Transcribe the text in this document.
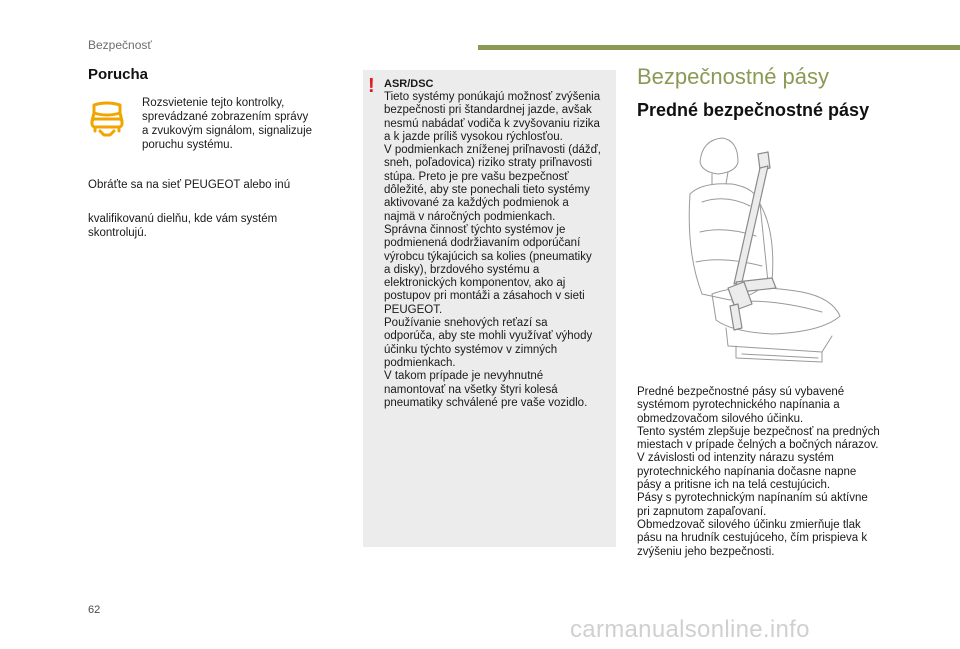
Bezpečnosť
Porucha
Rozsvietenie tejto kontrolky,
sprevádzané zobrazením správy
a zvukovým signálom, signalizuje
poruchu systému.

Obráťte sa na sieť PEUGEOT alebo inú

kvalifikovanú dielňu, kde vám systém
skontrolujú.

! ASR/DSC
Tieto systémy ponúkajú možnosť zvýšenia
bezpečnosti pri štandardnej jazde, avšak
nesmú nabádať vodiča k zvyšovaniu rizika
a k jazde príliš vysokou rýchlosťou.
V podmienkach zníženej priľnavosti (dážď,
sneh, poľadovica) riziko straty priľnavosti
stúpa. Preto je pre vašu bezpečnosť
dôležité, aby ste ponechali tieto systémy
aktivované za každých podmienok a
najmä v náročných podmienkach.
Správna činnosť týchto systémov je
podmienená dodržiavaním odporúčaní
výrobcu týkajúcich sa kolies (pneumatiky
a disky), brzdového systému a
elektronických komponentov, ako aj
postupov pri montáži a zásahoch v sieti
PEUGEOT.
Používanie snehových reťazí sa
odporúča, aby ste mohli využívať výhody
účinku týchto systémov v zimných
podmienkach.
V takom prípade je nevyhnutné
namontovať na všetky štyri kolesá
pneumatiky schválené pre vaše vozidlo.
Bezpečnostné pásy
Predné bezpečnostné pásy
Predné bezpečnostné pásy sú vybavené
systémom pyrotechnického napínania a
obmedzovačom silového účinku.
Tento systém zlepšuje bezpečnosť na predných
miestach v prípade čelných a bočných nárazov.
V závislosti od intenzity nárazu systém
pyrotechnického napínania dočasne napne
pásy a pritisne ich na telá cestujúcich.
Pásy s pyrotechnickým napínaním sú aktívne
pri zapnutom zapaľovaní.
Obmedzovač silového účinku zmierňuje tlak
pásu na hrudník cestujúceho, čím prispieva k
zvýšeniu jeho bezpečnosti.
62
carmanualsonline.info
